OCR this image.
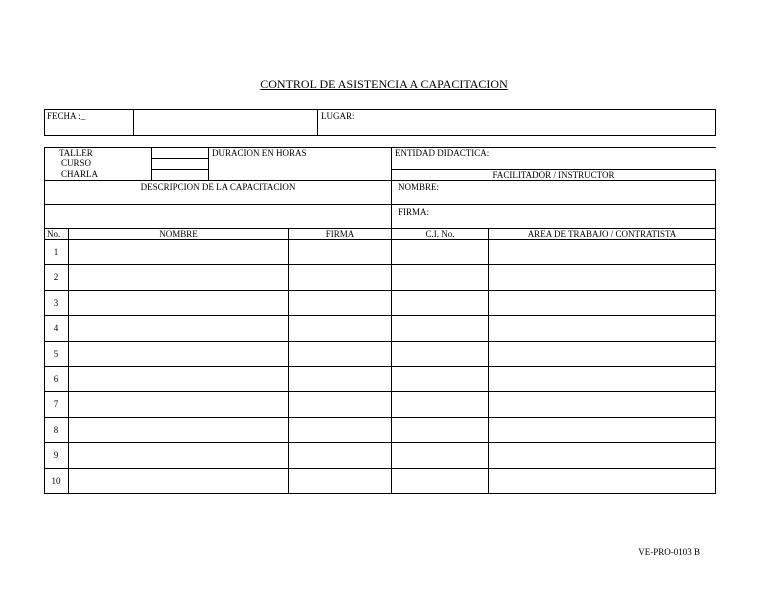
CONTROL DE ASISTENCIA A CAPACITACION
FECHA :_	LUGAR:
TALLER
CURSO
CHARLA
DURACION EN HORAS	ENTIDAD DIDACTICA:
FACILITADOR / INSTRUCTOR
DESCRIPCION DE LA CAPACITACION	NOMBRE:
FIRMA:
No.	NOMBRE	FIRMA	C.I. No.	AREA DE TRABAJO / CONTRATISTA
1
2
3
4
5
6
7
8
9
10
VE-PRO-0103 B
